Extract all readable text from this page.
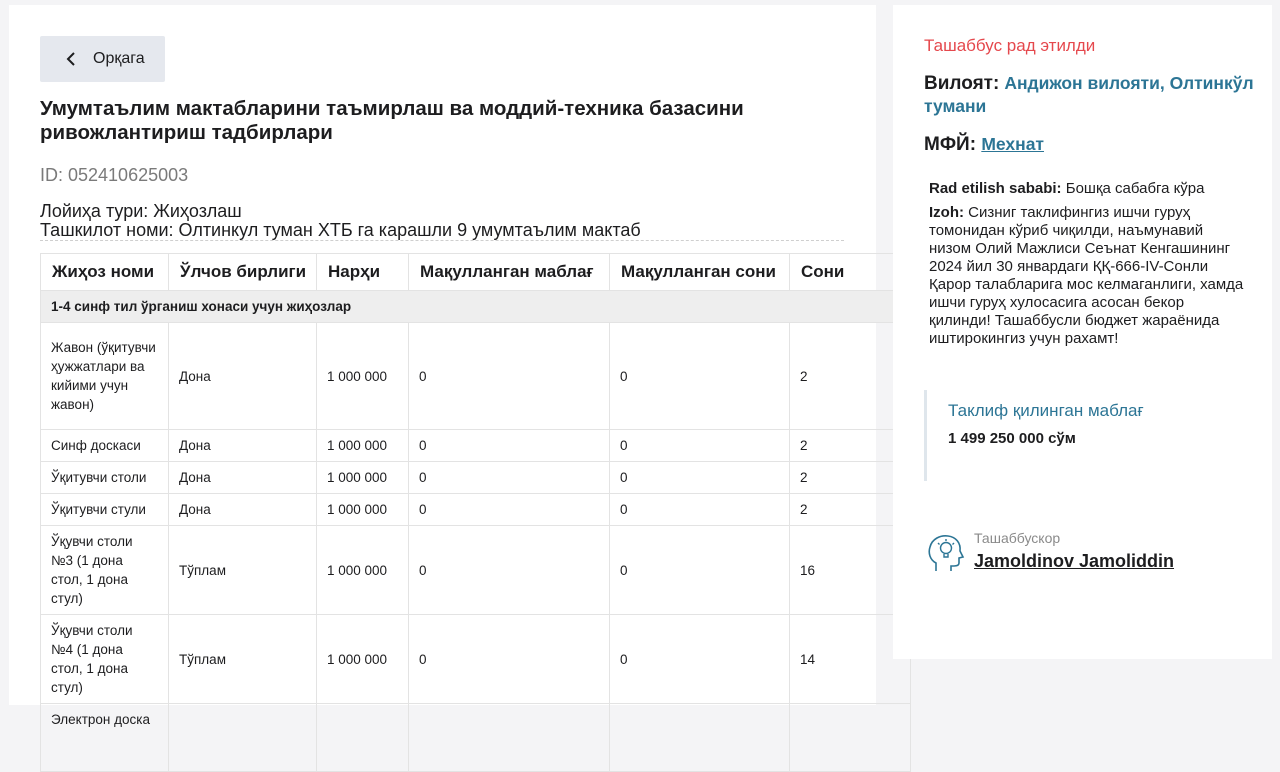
Орқага
Умумтаълим мактабларини таъмирлаш ва моддий-техника базасини ривожлантириш тадбирлари
ID: 052410625003
Лойиҳа тури: Жиҳозлаш
Ташкилот номи: Олтинкул туман ХТБ га карашли 9 умумтаълим мактаб
Жиҳоз номи	Ўлчов бирлиги	Нарҳи	Мақулланган маблағ	Мақулланган сони	Сони
1-4 синф тил ўрганиш хонаси учун жиҳозлар					
Жавон (ўқитувчи ҳужжатлари ва кийими учун жавон)	Дона	1 000 000	0	0	2
Синф доскаси	Дона	1 000 000	0	0	2
Ўқитувчи столи	Дона	1 000 000	0	0	2
Ўқитувчи стули	Дона	1 000 000	0	0	2
Ўқувчи столи №3 (1 дона стол, 1 дона стул)	Тўплам	1 000 000	0	0	16
Ўқувчи столи №4 (1 дона стол, 1 дона стул)	Тўплам	1 000 000	0	0	14
Электрон доска					
Ташаббус рад этилди
Вилоят: Андижон вилояти, Олтинкўл тумани
МФЙ: Мехнат
Rad etilish sababi: Бошқа сабабга кўра
Izoh: Сизниг таклифингиз ишчи гуруҳ томонидан кўриб чиқилди, наъмунавий низом Олий Мажлиси Сеънат Кенгашининг 2024 йил 30 январдаги ҚҚ-666-IV-Сонли Қарор талабларига мос келмаганлиги, хамда ишчи гуруҳ хулосасига асосан бекор қилинди! Ташаббусли бюджет жараёнида иштирокингиз учун рахамт!
Таклиф қилинган маблағ
1 499 250 000 сўм
Ташаббускор
Jamoldinov Jamoliddin
